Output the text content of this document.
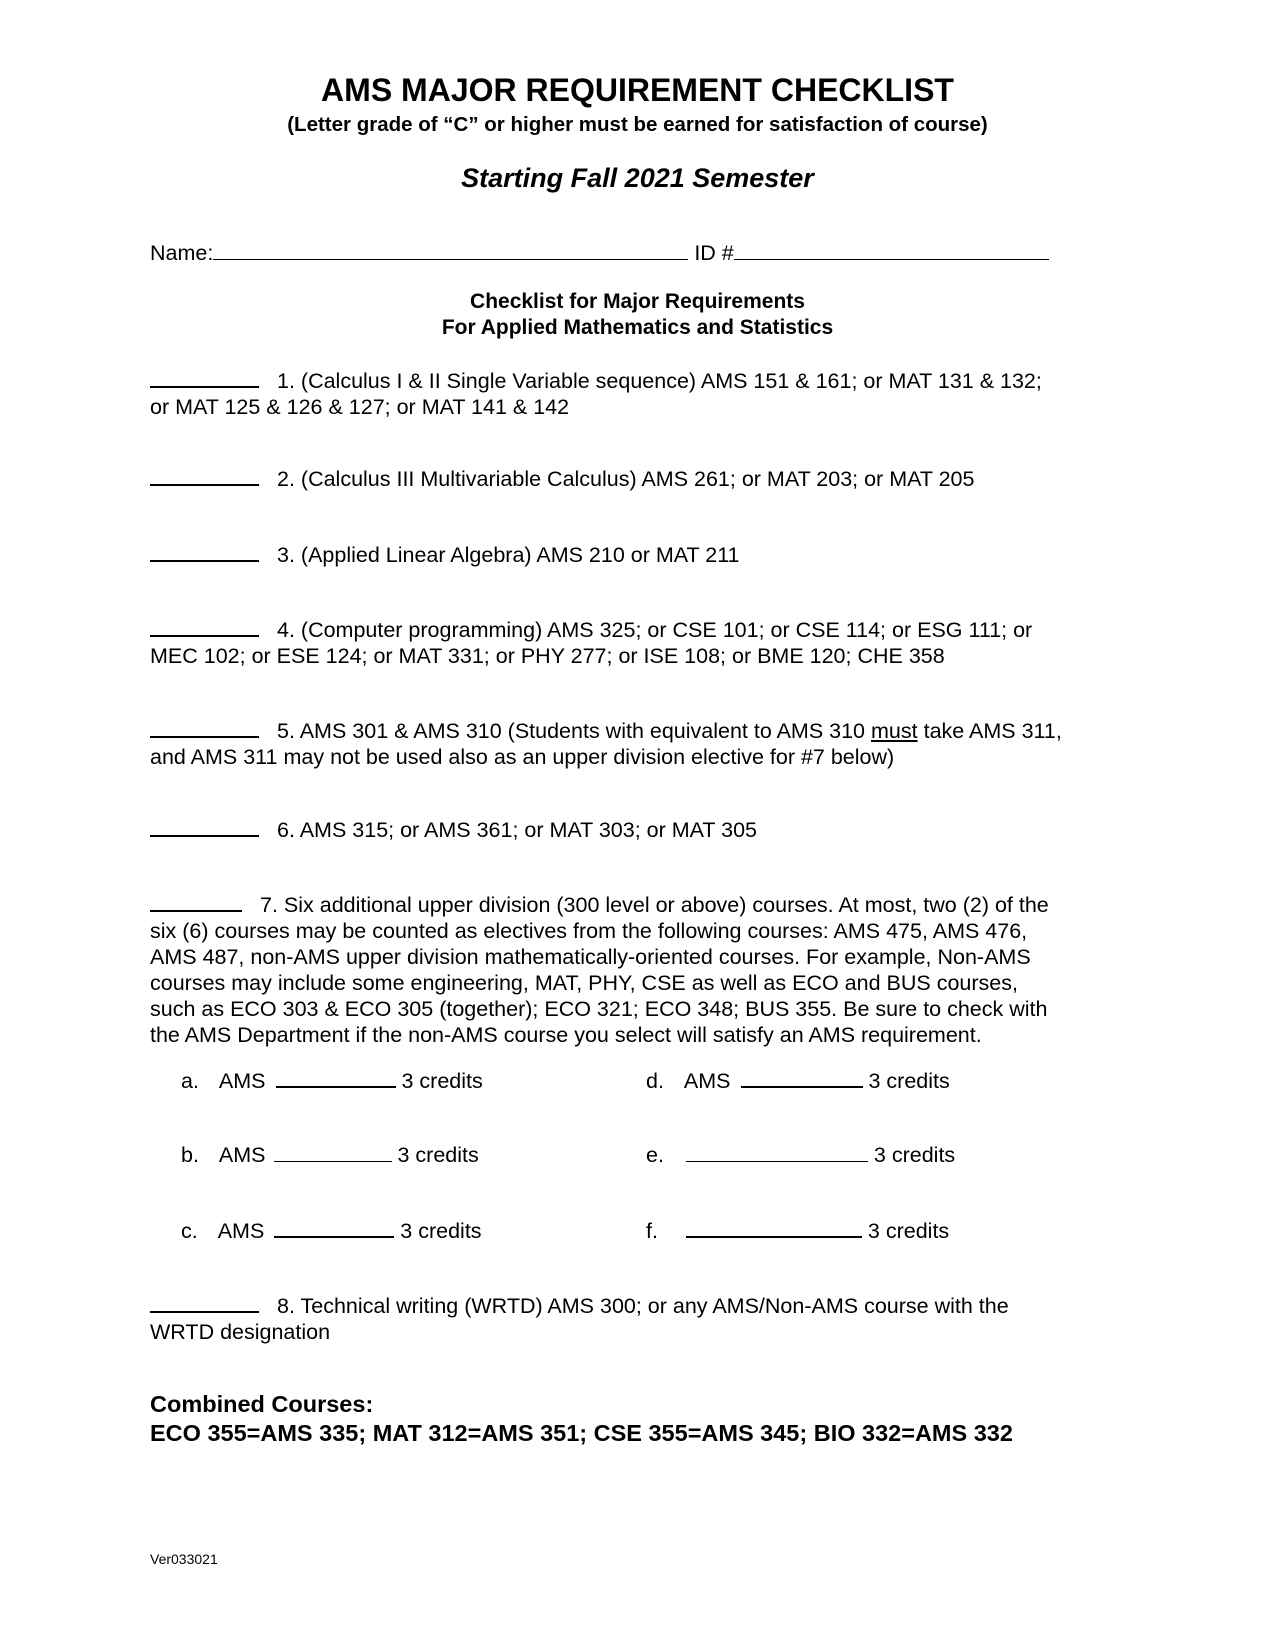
AMS MAJOR REQUIREMENT CHECKLIST
(Letter grade of “C” or higher must be earned for satisfaction of course)
Starting Fall 2021 Semester
Name:	ID #
Checklist for Major Requirements
For Applied Mathematics and Statistics
1. (Calculus I & II Single Variable sequence) AMS 151 & 161; or MAT 131 & 132;
or MAT 125 & 126 & 127; or MAT 141 & 142
2. (Calculus III Multivariable Calculus) AMS 261; or MAT 203; or MAT 205
3. (Applied Linear Algebra) AMS 210 or MAT 211
4. (Computer programming) AMS 325; or CSE 101; or CSE 114; or ESG 111; or
MEC 102; or ESE 124; or MAT 331; or PHY 277; or ISE 108; or BME 120; CHE 358
5. AMS 301 & AMS 310 (Students with equivalent to AMS 310 must take AMS 311,
and AMS 311 may not be used also as an upper division elective for #7 below)
6. AMS 315; or AMS 361; or MAT 303; or MAT 305
7. Six additional upper division (300 level or above) courses. At most, two (2) of the
six (6) courses may be counted as electives from the following courses: AMS 475, AMS 476,
AMS 487, non-AMS upper division mathematically-oriented courses. For example, Non-AMS
courses may include some engineering, MAT, PHY, CSE as well as ECO and BUS courses,
such as ECO 303 & ECO 305 (together); ECO 321; ECO 348; BUS 355. Be sure to check with
the AMS Department if the non-AMS course you select will satisfy an AMS requirement.
a. AMS	3 credits
b. AMS	3 credits
c. AMS	3 credits
d. AMS	3 credits
e.	3 credits
f.	3 credits
8. Technical writing (WRTD) AMS 300; or any AMS/Non-AMS course with the
WRTD designation
Combined Courses:
ECO 355=AMS 335; MAT 312=AMS 351; CSE 355=AMS 345; BIO 332=AMS 332
Ver033021
